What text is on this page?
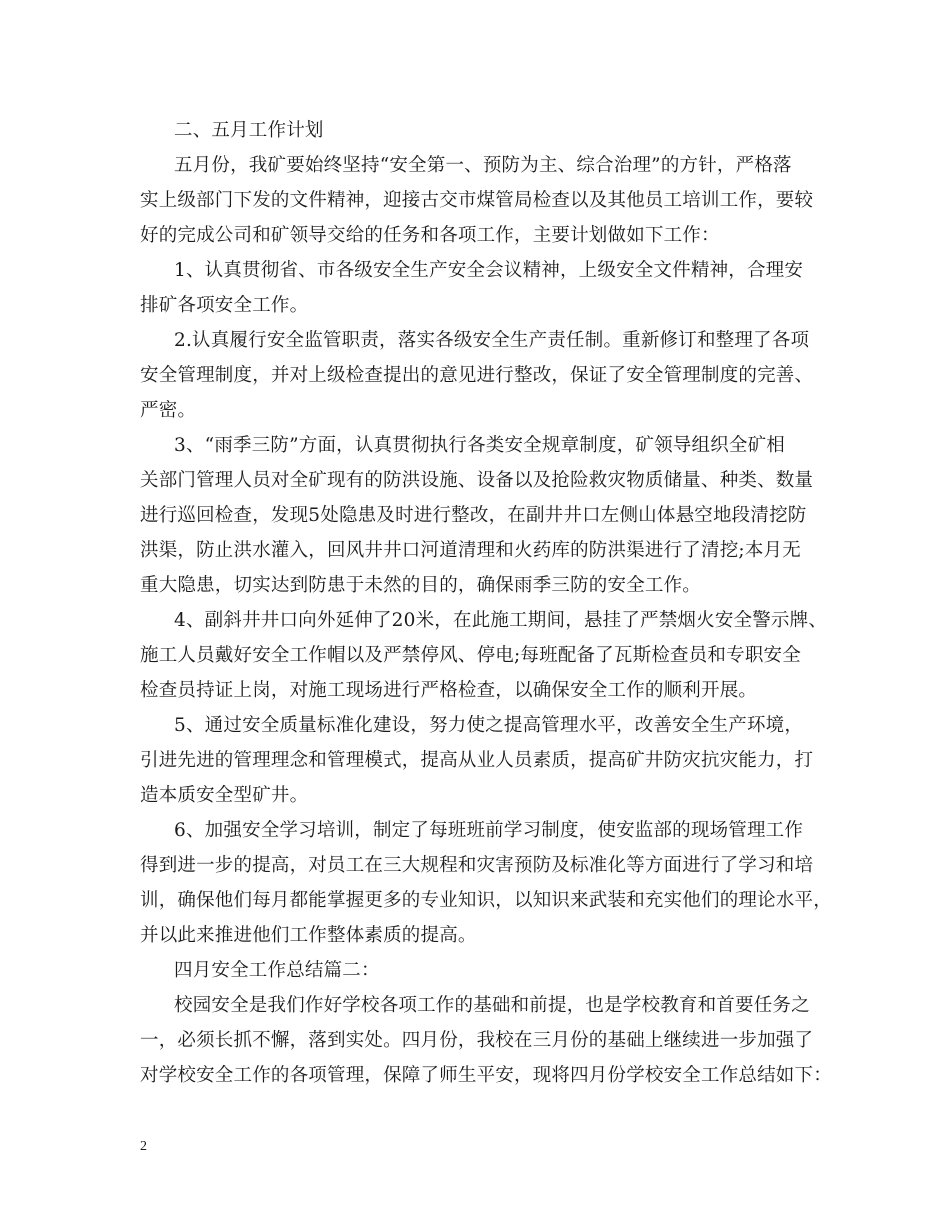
二、五月工作计划
五月份，我矿要始终坚持“安全第一、预防为主、综合治理”的方针，严格落
实上级部门下发的文件精神，迎接古交市煤管局检查以及其他员工培训工作，要较
好的完成公司和矿领导交给的任务和各项工作，主要计划做如下工作：
1、认真贯彻省、市各级安全生产安全会议精神，上级安全文件精神，合理安
排矿各项安全工作。
2.认真履行安全监管职责，落实各级安全生产责任制。重新修订和整理了各项
安全管理制度，并对上级检查提出的意见进行整改，保证了安全管理制度的完善、
严密。
3、“雨季三防”方面，认真贯彻执行各类安全规章制度，矿领导组织全矿相
关部门管理人员对全矿现有的防洪设施、设备以及抢险救灾物质储量、种类、数量
进行巡回检查，发现5处隐患及时进行整改，在副井井口左侧山体悬空地段清挖防
洪渠，防止洪水灌入，回风井井口河道清理和火药库的防洪渠进行了清挖;本月无
重大隐患，切实达到防患于未然的目的，确保雨季三防的安全工作。
4、副斜井井口向外延伸了20米，在此施工期间，悬挂了严禁烟火安全警示牌、
施工人员戴好安全工作帽以及严禁停风、停电;每班配备了瓦斯检查员和专职安全
检查员持证上岗，对施工现场进行严格检查，以确保安全工作的顺利开展。
5、通过安全质量标准化建设，努力使之提高管理水平，改善安全生产环境，
引进先进的管理理念和管理模式，提高从业人员素质，提高矿井防灾抗灾能力，打
造本质安全型矿井。
6、加强安全学习培训，制定了每班班前学习制度，使安监部的现场管理工作
得到进一步的提高，对员工在三大规程和灾害预防及标准化等方面进行了学习和培
训，确保他们每月都能掌握更多的专业知识，以知识来武装和充实他们的理论水平，
并以此来推进他们工作整体素质的提高。
四月安全工作总结篇二：
校园安全是我们作好学校各项工作的基础和前提，也是学校教育和首要任务之
一，必须长抓不懈，落到实处。四月份，我校在三月份的基础上继续进一步加强了
对学校安全工作的各项管理，保障了师生平安，现将四月份学校安全工作总结如下：
2
